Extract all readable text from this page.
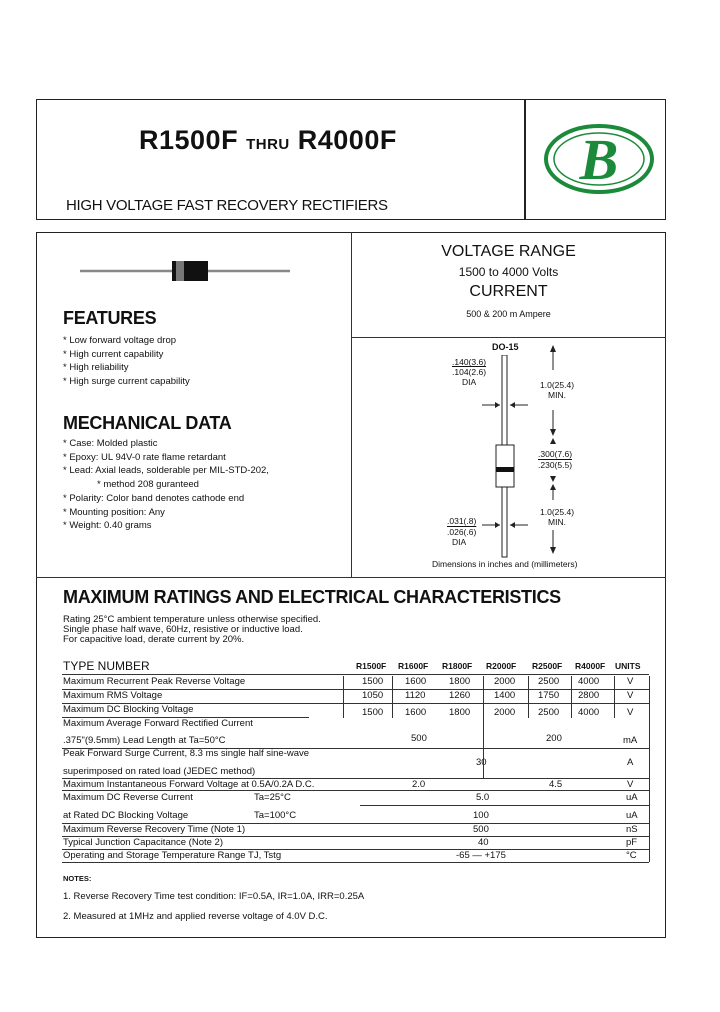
R1500F THRU R4000F
HIGH VOLTAGE FAST RECOVERY RECTIFIERS
B
FEATURES
* Low forward voltage drop
* High current capability
* High reliability
* High surge current capability
MECHANICAL DATA
* Case: Molded plastic
* Epoxy: UL 94V-0 rate flame retardant
* Lead: Axial leads, solderable per MIL-STD-202,
* method 208 guranteed
* Polarity: Color band denotes cathode end
* Mounting position: Any
* Weight: 0.40 grams
VOLTAGE RANGE
1500 to 4000 Volts
CURRENT
500 & 200 m Ampere
DO-15
.140(3.6)
.104(2.6)
DIA	1.0(25.4)
MIN.
.300(7.6)
.230(5.5)
1.0(25.4)
MIN.
.031(.8)
.026(.6)
DIA
Dimensions in inches and (millimeters)
MAXIMUM RATINGS AND ELECTRICAL CHARACTERISTICS
Rating 25°C ambient temperature unless otherwise specified.
Single phase half wave, 60Hz, resistive or inductive load.
For capacitive load, derate current by 20%.
TYPE NUMBER	R1500F R1600F R1800F R2000F R2500F R4000F UNITS
Maximum Recurrent Peak Reverse Voltage	1500 1600 1800	2000 2500 4000	V
Maximum RMS Voltage	1050 1120 1260	1400 1750 2800	V
Maximum DC Blocking Voltage	1500 1600 1800	2000 2500 4000	V
Maximum Average Forward Rectified Current
.375"(9.5mm) Lead Length at Ta=50°C	500	200	mA
Peak Forward Surge Current, 8.3 ms single half sine-wave
superimposed on rated load (JEDEC method)
30	A
Maximum Instantaneous Forward Voltage at 0.5A/0.2A D.C.	2.0	4.5	V
Maximum DC Reverse Current	Ta=25°C	5.0	uA
at Rated DC Blocking Voltage	Ta=100°C	100	uA
Maximum Reverse Recovery Time (Note 1)	500	nS
Typical Junction Capacitance (Note 2)	40	pF
Operating and Storage Temperature Range TJ, Tstg	-65 — +175	°C
NOTES:
1. Reverse Recovery Time test condition: IF=0.5A, IR=1.0A, IRR=0.25A
2. Measured at 1MHz and applied reverse voltage of 4.0V D.C.
